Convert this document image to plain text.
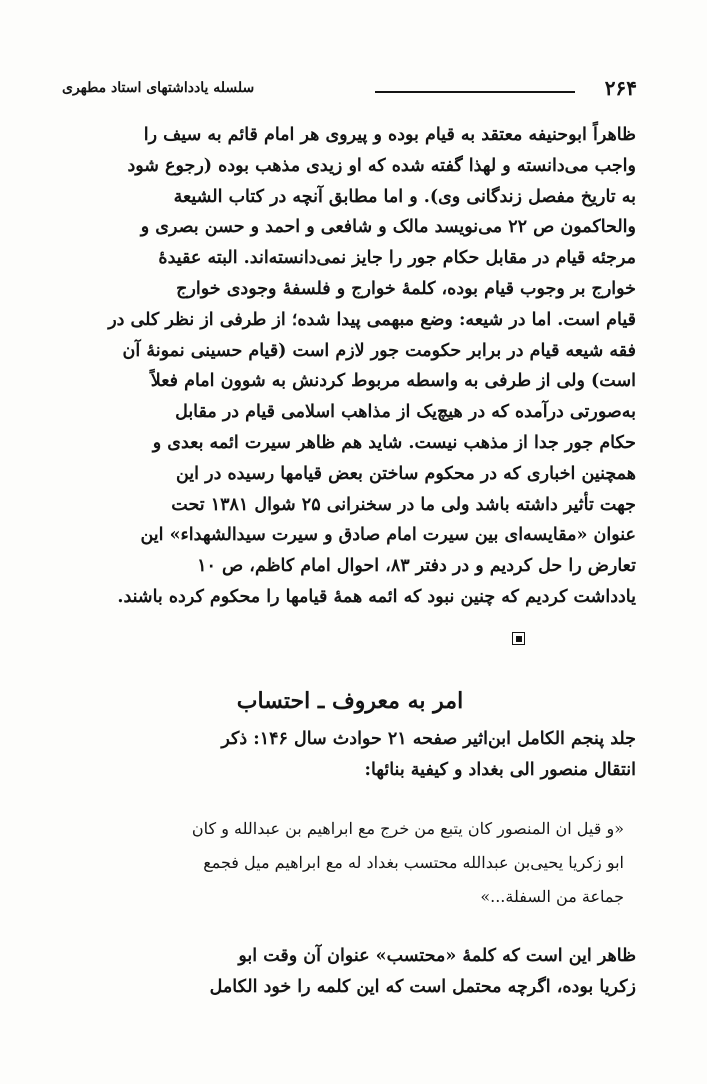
۲۶۴
سلسله یادداشتهای استاد مطهری
ظاهراً ابوحنیفه معتقد به قیام بوده و پیروی هر امام قائم به سیف را
واجب می‌دانسته و لهذا گفته شده که او زیدی مذهب بوده (رجوع شود
به تاریخ مفصل زندگانی وی). و اما مطابق آنچه در کتاب الشیعة
والحاکمون ص ۲۲ می‌نویسد مالک و شافعی و احمد و حسن بصری و
مرجئه قیام در مقابل حکام جور را جایز نمی‌دانسته‌اند. البته عقیدهٔ
خوارج بر وجوب قیام بوده، کلمهٔ خوارج و فلسفهٔ وجودی خوارج
قیام است. اما در شیعه: وضع مبهمی پیدا شده؛ از طرفی از نظر کلی در
فقه شیعه قیام در برابر حکومت جور لازم است (قیام حسینی نمونهٔ آن
است) ولی از طرفی به واسطه مربوط کردنش به شوون امام فعلاً
به‌صورتی درآمده که در هیچ‌یک از مذاهب اسلامی قیام در مقابل
حکام جور جدا از مذهب نیست. شاید هم ظاهر سیرت ائمه بعدی و
همچنین اخباری که در محکوم ساختن بعض قیامها رسیده در این
جهت تأثیر داشته باشد ولی ما در سخنرانی ۲۵ شوال ۱۳۸۱ تحت
عنوان «مقایسه‌ای بین سیرت امام صادق و سیرت سیدالشهداء» این
تعارض را حل کردیم و در دفتر ۸۳، احوال امام کاظم، ص ۱۰
یادداشت کردیم که چنین نبود که ائمه همهٔ قیامها را محکوم کرده باشند.
امر به معروف ـ احتساب
جلد پنجم الکامل ابن‌اثیر صفحه ۲۱ حوادث سال ۱۴۶: ذکر
انتقال منصور الی بغداد و کیفیة بنائها:
«و قیل ان المنصور کان یتبع من خرج مع ابراهیم بن عبدالله و کان
ابو زکریا یحیی‌بن عبدالله محتسب بغداد له مع ابراهیم میل فجمع
جماعة من السفلة...»
ظاهر این است که کلمهٔ «محتسب» عنوان آن وقت ابو
زکریا بوده، اگرچه محتمل است که این کلمه را خود الکامل
